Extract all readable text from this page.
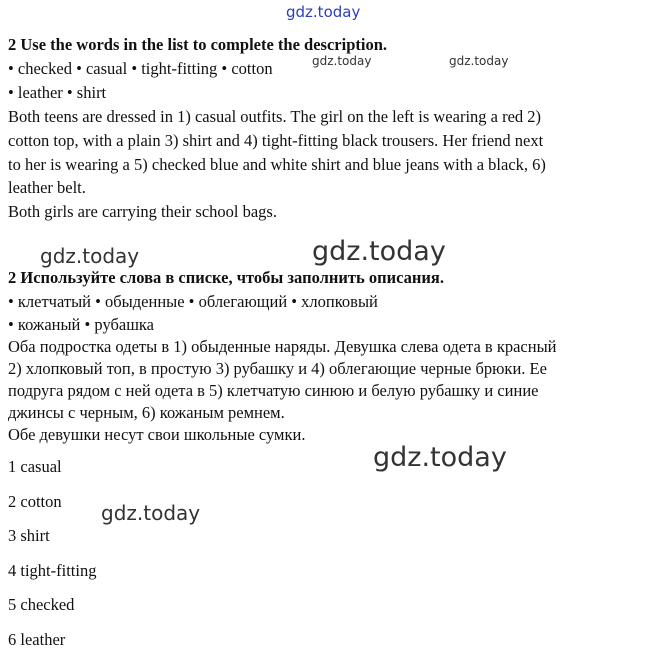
gdz.today
gdz.today	gdz.today
gdz.today	gdz.today
gdz.today
gdz.today
2 Use the words in the list to complete the description.
• checked • casual • tight-fitting • cotton
• leather • shirt
Both teens are dressed in 1) casual outfits. The girl on the left is wearing a red 2)
cotton top, with a plain 3) shirt and 4) tight-fitting black trousers. Her friend next
to her is wearing a 5) checked blue and white shirt and blue jeans with a black, 6)
leather belt.
Both girls are carrying their school bags.
2 Используйте слова в списке, чтобы заполнить описания.
• клетчатый • обыденные • облегающий • хлопковый
• кожаный • рубашка
Оба подростка одеты в 1) обыденные наряды. Девушка слева одета в красный
2) хлопковый топ, в простую 3) рубашку и 4) облегающие черные брюки. Ее
подруга рядом с ней одета в 5) клетчатую синюю и белую рубашку и синие
джинсы с черным, 6) кожаным ремнем.
Обе девушки несут свои школьные сумки.
1 casual
2 cotton
3 shirt
4 tight-fitting
5 checked
6 leather
